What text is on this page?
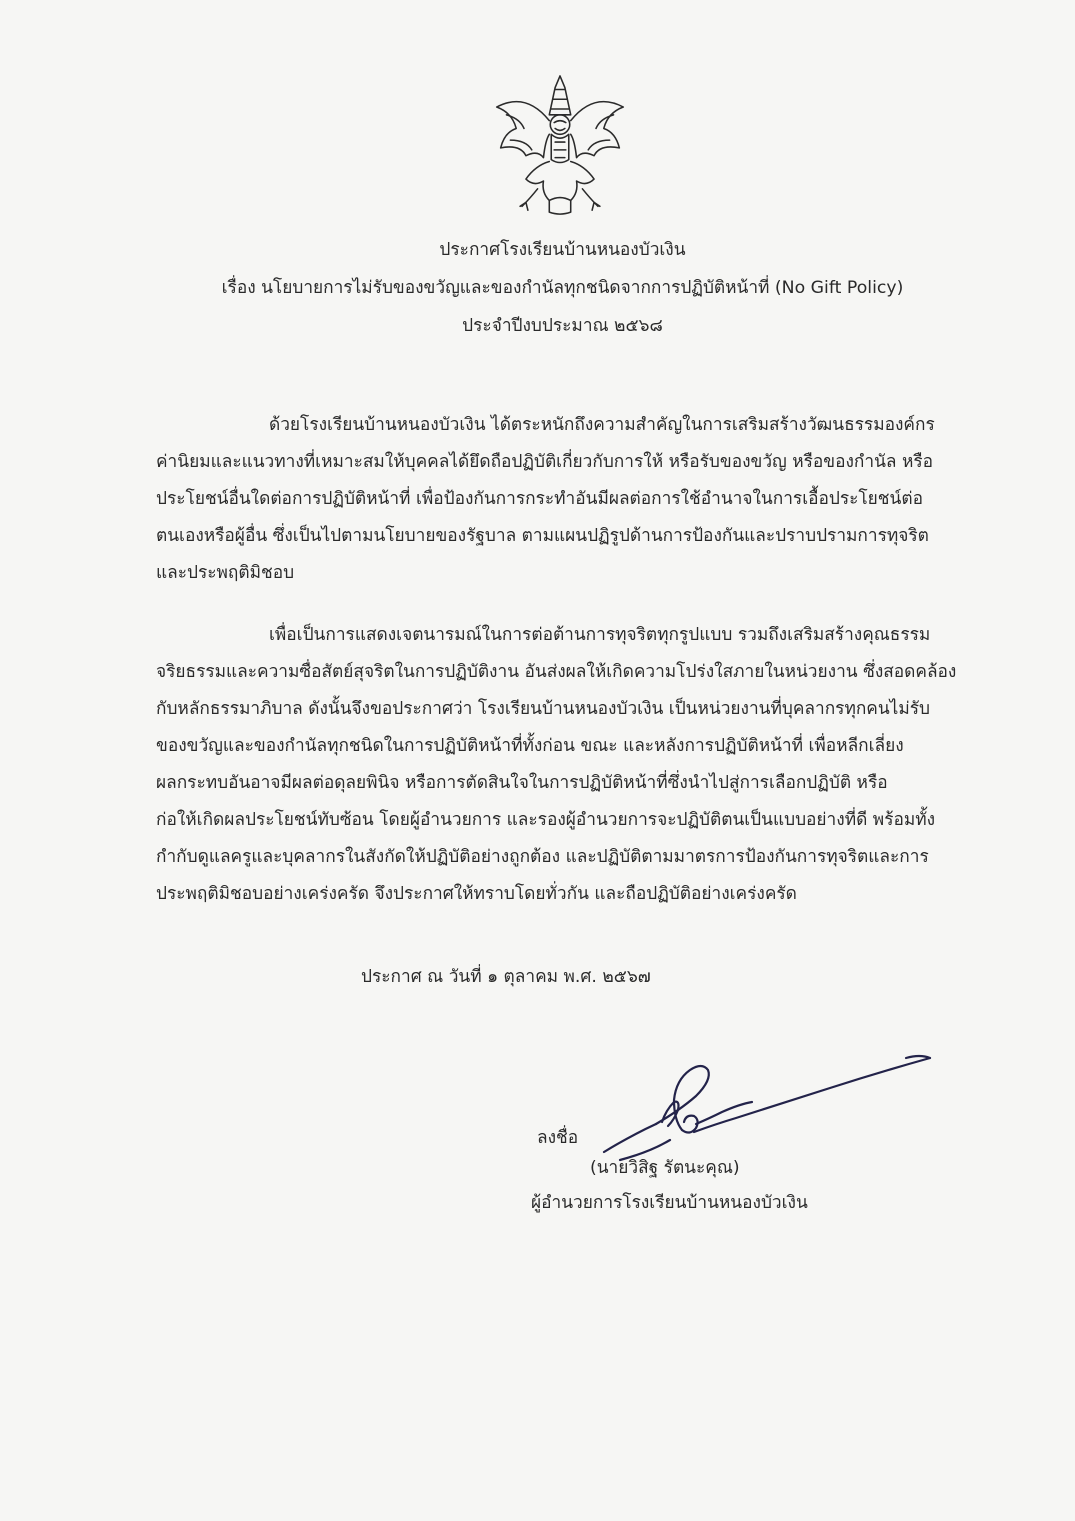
ประกาศโรงเรียนบ้านหนองบัวเงิน
เรื่อง นโยบายการไม่รับของขวัญและของกำนัลทุกชนิดจากการปฏิบัติหน้าที่ (No Gift Policy)
ประจำปีงบประมาณ ๒๕๖๘
ด้วยโรงเรียนบ้านหนองบัวเงิน ได้ตระหนักถึงความสำคัญในการเสริมสร้างวัฒนธรรมองค์กร
ค่านิยมและแนวทางที่เหมาะสมให้บุคคลได้ยึดถือปฏิบัติเกี่ยวกับการให้ หรือรับของขวัญ หรือของกำนัล หรือ
ประโยชน์อื่นใดต่อการปฏิบัติหน้าที่ เพื่อป้องกันการกระทำอันมีผลต่อการใช้อำนาจในการเอื้อประโยชน์ต่อ
ตนเองหรือผู้อื่น ซึ่งเป็นไปตามนโยบายของรัฐบาล ตามแผนปฏิรูปด้านการป้องกันและปราบปรามการทุจริต
และประพฤติมิชอบ
เพื่อเป็นการแสดงเจตนารมณ์ในการต่อต้านการทุจริตทุกรูปแบบ รวมถึงเสริมสร้างคุณธรรม
จริยธรรมและความซื่อสัตย์สุจริตในการปฏิบัติงาน อันส่งผลให้เกิดความโปร่งใสภายในหน่วยงาน ซึ่งสอดคล้อง
กับหลักธรรมาภิบาล ดังนั้นจึงขอประกาศว่า โรงเรียนบ้านหนองบัวเงิน เป็นหน่วยงานที่บุคลากรทุกคนไม่รับ
ของขวัญและของกำนัลทุกชนิดในการปฏิบัติหน้าที่ทั้งก่อน ขณะ และหลังการปฏิบัติหน้าที่ เพื่อหลีกเลี่ยง
ผลกระทบอันอาจมีผลต่อดุลยพินิจ หรือการตัดสินใจในการปฏิบัติหน้าที่ซึ่งนำไปสู่การเลือกปฏิบัติ หรือ
ก่อให้เกิดผลประโยชน์ทับซ้อน โดยผู้อำนวยการ และรองผู้อำนวยการจะปฏิบัติตนเป็นแบบอย่างที่ดี พร้อมทั้ง
กำกับดูแลครูและบุคลากรในสังกัดให้ปฏิบัติอย่างถูกต้อง และปฏิบัติตามมาตรการป้องกันการทุจริตและการ
ประพฤติมิชอบอย่างเคร่งครัด จึงประกาศให้ทราบโดยทั่วกัน และถือปฏิบัติอย่างเคร่งครัด
ประกาศ ณ วันที่ ๑ ตุลาคม พ.ศ. ๒๕๖๗
ลงชื่อ
(นายวิสิฐ รัตนะคุณ)
ผู้อำนวยการโรงเรียนบ้านหนองบัวเงิน
